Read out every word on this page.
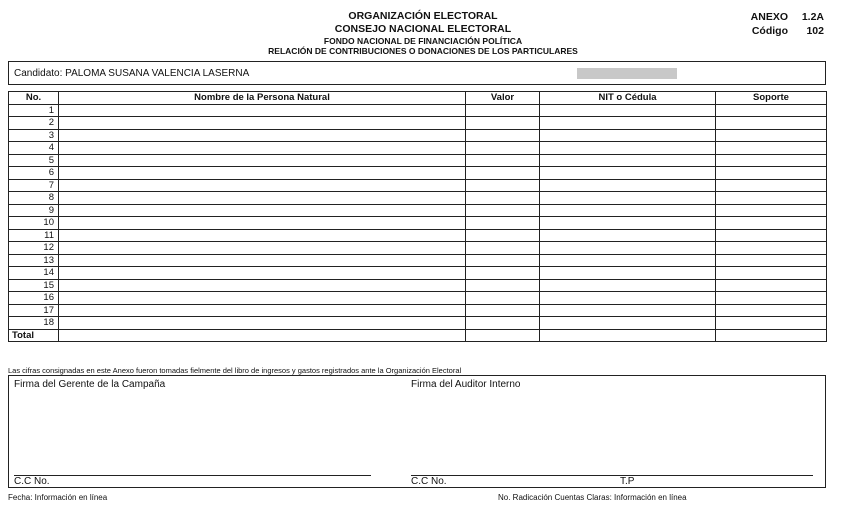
ORGANIZACIÓN ELECTORAL
CONSEJO NACIONAL ELECTORAL
FONDO NACIONAL DE FINANCIACIÓN POLÍTICA
RELACIÓN DE CONTRIBUCIONES O DONACIONES DE LOS PARTICULARES
ANEXO 1.2A
Código 102
Candidato: PALOMA SUSANA VALENCIA LASERNA
No.	Nombre de la Persona Natural	Valor	NIT o Cédula	Soporte
1				
2				
3				
4				
5				
6				
7				
8				
9				
10				
11				
12				
13				
14				
15				
16				
17				
18				
Total				
Las cifras consignadas en este Anexo fueron tomadas fielmente del libro de ingresos y gastos registrados ante la Organización Electoral
Firma del Gerente de la Campaña	Firma del Auditor Interno
C.C No.	C.C No.	T.P
Fecha: Información en línea	No. Radicación Cuentas Claras: Información en línea
